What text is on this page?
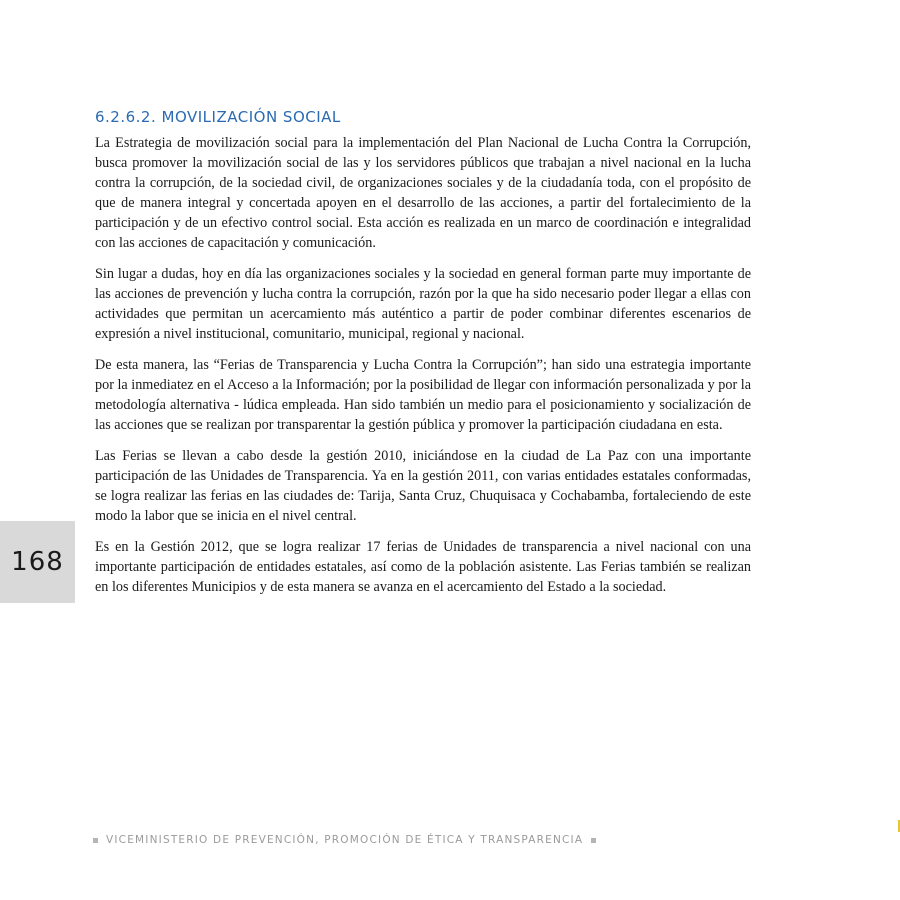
6.2.6.2. MOVILIZACIÓN SOCIAL

La Estrategia de movilización social para la implementación del Plan Nacional de Lucha Contra la Corrupción, busca promover la movilización social de las y los servidores públicos que trabajan a nivel nacional en la lucha contra la corrupción, de la sociedad civil, de organizaciones sociales y de la ciudadanía toda, con el propósito de que de manera integral y concertada apoyen en el desarrollo de las acciones, a partir del fortalecimiento de la participación y de un efectivo control social. Esta acción es realizada en un marco de coordinación e integralidad con las acciones de capacitación y comunicación.

Sin lugar a dudas, hoy en día las organizaciones sociales y la sociedad en general forman parte muy importante de las acciones de prevención y lucha contra la corrupción, razón por la que ha sido necesario poder llegar a ellas con actividades que permitan un acercamiento más auténtico a partir de poder combinar diferentes escenarios de expresión a nivel institucional, comunitario, municipal, regional y nacional.

De esta manera, las “Ferias de Transparencia y Lucha Contra la Corrupción”; han sido una estrategia importante por la inmediatez en el Acceso a la Información; por la posibilidad de llegar con información personalizada y por la metodología alternativa - lúdica empleada. Han sido también un medio para el posicionamiento y socialización de las acciones que se realizan por transparentar la gestión pública y promover la participación ciudadana en esta.

Las Ferias se llevan a cabo desde la gestión 2010, iniciándose en la ciudad de La Paz con una importante participación de las Unidades de Transparencia. Ya en la gestión 2011, con varias entidades estatales conformadas, se logra realizar las ferias en las ciudades de: Tarija, Santa Cruz, Chuquisaca y Cochabamba, fortaleciendo de este modo la labor que se inicia en el nivel central.

Es en la Gestión 2012, que se logra realizar 17 ferias de Unidades de transparencia a nivel nacional con una importante participación de entidades estatales, así como de la población asistente. Las Ferias también se realizan en los diferentes Municipios y de esta manera se avanza en el acercamiento del Estado a la sociedad.

168
VICEMINISTERIO DE PREVENCIÓN, PROMOCIÓN DE ÉTICA Y TRANSPARENCIA
